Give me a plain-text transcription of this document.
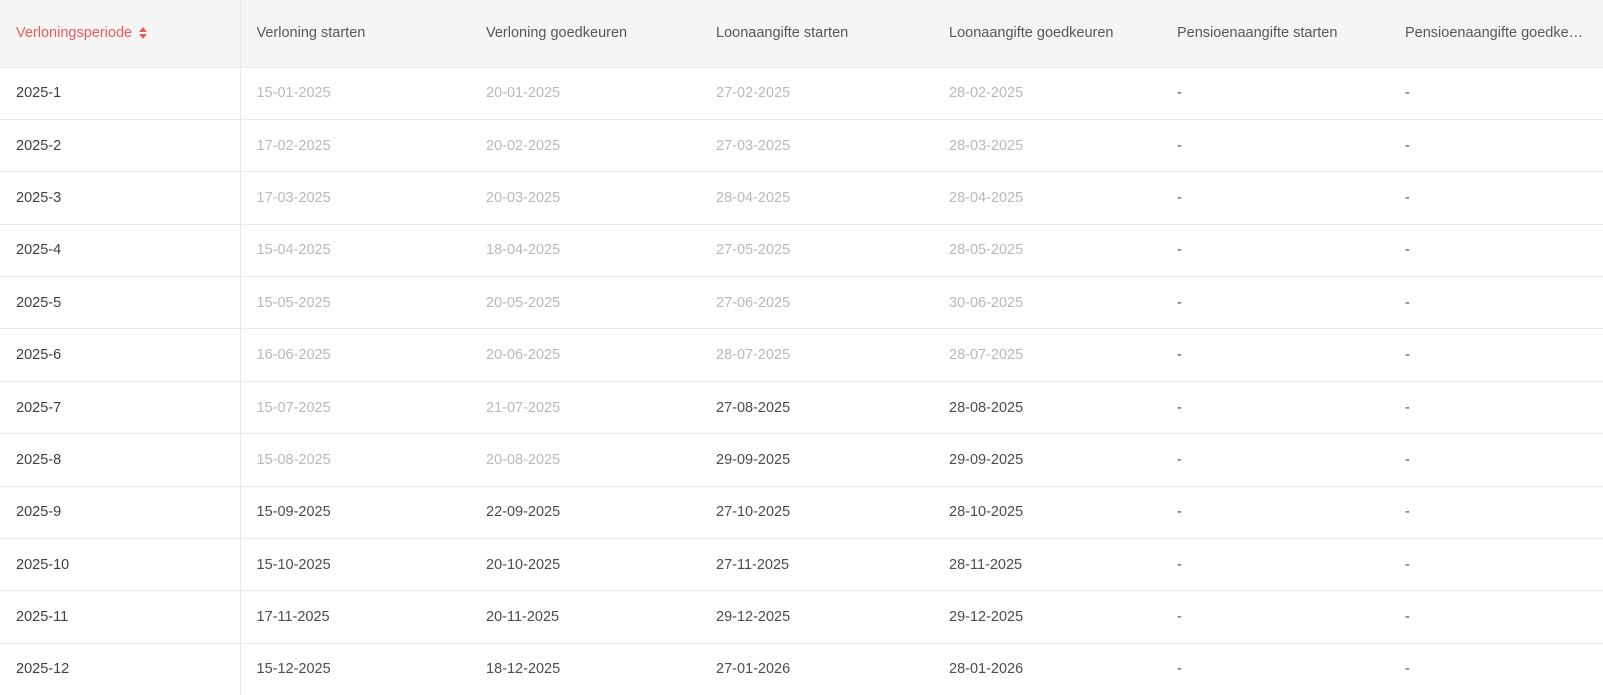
Verloningsperiode	Verloning starten	Verloning goedkeuren	Loonaangifte starten	Loonaangifte goedkeuren	Pensioenaangifte starten	Pensioenaangifte goedke…

2025-1	15-01-2025	20-01-2025	27-02-2025	28-02-2025	-	-
2025-2	17-02-2025	20-02-2025	27-03-2025	28-03-2025	-	-
2025-3	17-03-2025	20-03-2025	28-04-2025	28-04-2025	-	-
2025-4	15-04-2025	18-04-2025	27-05-2025	28-05-2025	-	-
2025-5	15-05-2025	20-05-2025	27-06-2025	30-06-2025	-	-
2025-6	16-06-2025	20-06-2025	28-07-2025	28-07-2025	-	-
2025-7	15-07-2025	21-07-2025	27-08-2025	28-08-2025	-	-
2025-8	15-08-2025	20-08-2025	29-09-2025	29-09-2025	-	-
2025-9	15-09-2025	22-09-2025	27-10-2025	28-10-2025	-	-
2025-10	15-10-2025	20-10-2025	27-11-2025	28-11-2025	-	-
2025-11	17-11-2025	20-11-2025	29-12-2025	29-12-2025	-	-
2025-12	15-12-2025	18-12-2025	27-01-2026	28-01-2026	-	-
